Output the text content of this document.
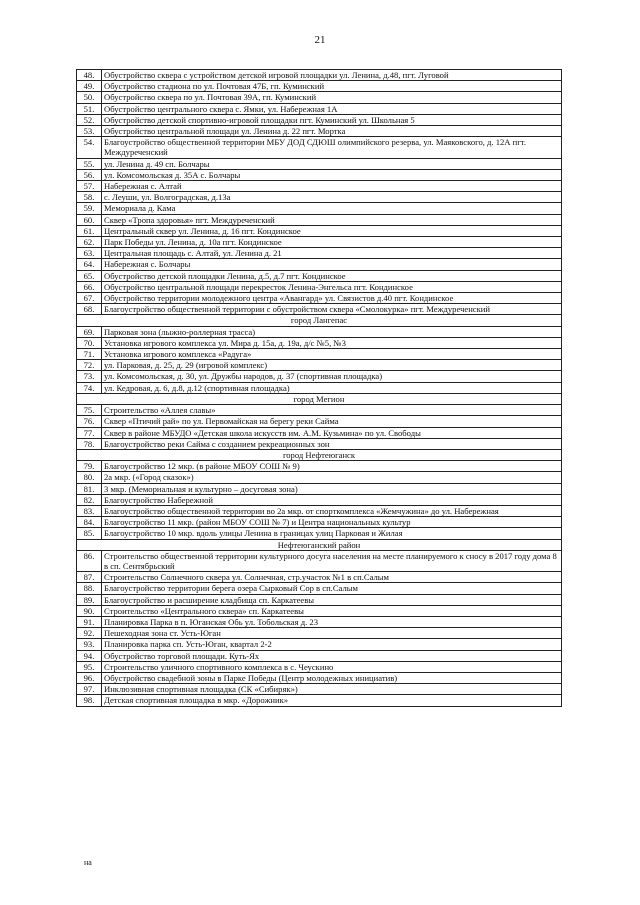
21
48.	Обустройство сквера с устройством детской игровой площадки ул. Ленина, д.48, пгт. Луговой
49.	Обустройство стадиона по ул. Почтовая 47Б, гп. Куминский
50.	Обустройство сквера по ул. Почтовая 39А, гп. Куминский
51.	Обустройство центрального сквера с. Ямки, ул. Набережная 1А
52.	Обустройство детской спортивно-игровой площадки пгт. Куминский ул. Школьная 5
53.	Обустройство центральной площади ул. Ленина д. 22 пгт. Мортка
54.	Благоустройство общественной территории МБУ ДОД СДЮШ олимпийского резерва, ул. Маяковского, д. 12А пгт. Междуреченский
55.	ул. Ленина д. 49 сп. Болчары
56.	ул. Комсомольская д. 35А с. Болчары
57.	Набережная с. Алтай
58.	с. Леуши, ул. Волгоградская, д.13а
59.	Мемориала д. Кама
60.	Сквер «Тропа здоровья» пгт. Междуреченский
61.	Центральный сквер ул. Ленина, д. 16 пгт. Кондинское
62.	Парк Победы ул. Ленина, д. 10а пгт. Кондинское
63.	Центральная площадь с. Алтай, ул. Ленина д. 21
64.	Набережная с. Болчары
65.	Обустройство детской площадки Ленина, д.5, д.7 пгт. Кондинское
66.	Обустройство центральной площади перекресток Ленина-Энгельса пгт. Кондинское
67.	Обустройство территории молодежного центра «Авангард» ул. Связистов д.40 пгт. Кондинское
68.	Благоустройство общественной территории с обустройством сквера «Смолокурка» пгт. Междуреченский
город Лангепас	
69.	Парковая зона (лыжно-роллерная трасса)
70.	Установка игрового комплекса ул. Мира д. 15а, д. 19а, д/с №5, №3
71.	Установка игрового комплекса «Радуга»
72.	ул. Парковая, д. 25, д. 29 (игровой комплекс)
73.	ул. Комсомольская, д. 30, ул. Дружбы народов, д. 37 (спортивная площадка)
74.	ул. Кедровая, д. 6, д.8, д.12 (спортивная площадка)
город Мегион	
75.	Строительство «Аллея славы»
76.	Сквер «Птичий рай» по ул. Первомайская на берегу реки Сайма
77.	Сквер в районе МБУДО «Детская школа искусств им. А.М. Кузьмина» по ул. Свободы
78.	Благоустройство реки Сайма с созданием рекреационных зон
город Нефтеюганск	
79.	Благоустройство 12 мкр. (в районе МБОУ СОШ № 9)
80.	2а мкр. («Город сказок»)
81.	3 мкр. (Мемориальная и культурно – досуговая зона)
82.	Благоустройство Набережной
83.	Благоустройство общественной территории во 2а мкр. от спорткомплекса «Жемчужина» до ул. Набережная
84.	Благоустройство 11 мкр. (район МБОУ СОШ № 7) и Центра национальных культур
85.	Благоустройство 10 мкр. вдоль улицы Ленина в границах улиц Парковая и Жилая
Нефтеюганский район	
86.	Строительство общественной территории культурного досуга населения на месте планируемого к сносу в 2017 году дома 8 в сп. Сентябрьский
87.	Строительство Солнечного сквера ул. Солнечная, стр.участок №1 в сп.Салым
88.	Благоустройство территории берега озера Сырковый Сор в сп.Салым
89.	Благоустройство и расширение кладбища сп. Каркатеевы
90.	Строительство «Центрального сквера» сп. Каркатеевы
91.	Планировка Парка в п. Юганская Обь ул. Тобольская д. 23
92.	Пешеходная зона ст. Усть-Юган
93.	Планировка парка сп. Усть-Юган, квартал 2-2
94.	Обустройство торговой площади. Куть-Ях
95.	Строительство уличного спортивного комплекса в с. Чеускино
96.	Обустройство свадебной зоны в Парке Победы (Центр молодежных инициатив)
97.	Инклюзивная спортивная площадка (СК «Сибиряк»)
98.	Детская спортивная площадка в мкр. «Дорожник»
на
